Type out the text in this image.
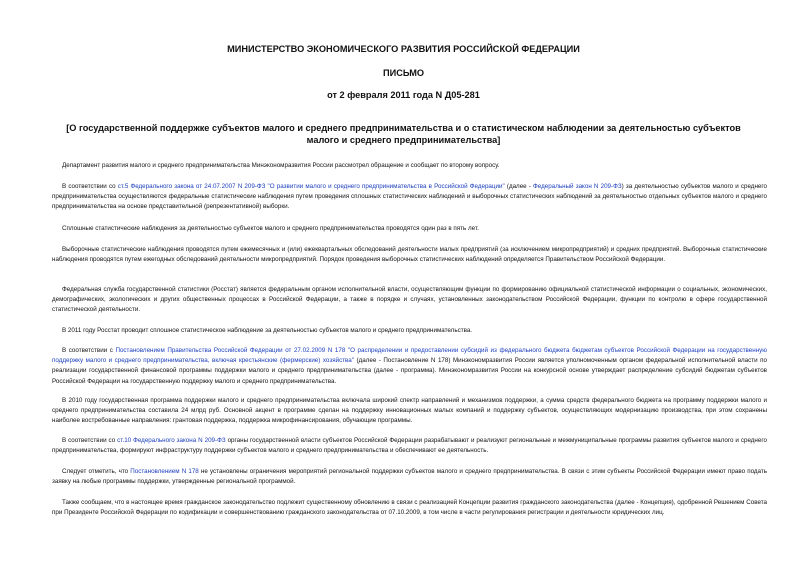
МИНИСТЕРСТВО ЭКОНОМИЧЕСКОГО РАЗВИТИЯ РОССИЙСКОЙ ФЕДЕРАЦИИ
ПИСЬМО
от 2 февраля 2011 года N Д05-281
[О государственной поддержке субъектов малого и среднего предпринимательства и о статистическом наблюдении за деятельностью субъектов малого и среднего предпринимательства]

Департамент развития малого и среднего предпринимательства Минэкономразвития России рассмотрел обращение и сообщает по второму вопросу.

В соответствии со ст.5 Федерального закона от 24.07.2007 N 209-ФЗ "О развитии малого и среднего предпринимательства в Российской Федерации" (далее - Федеральный закон N 209-ФЗ) за деятельностью субъектов малого и среднего предпринимательства осуществляются федеральные статистические наблюдения путем проведения сплошных статистических наблюдений и выборочных статистических наблюдений за деятельностью отдельных субъектов малого и среднего предпринимательства на основе представительной (репрезентативной) выборки.

Сплошные статистические наблюдения за деятельностью субъектов малого и среднего предпринимательства проводятся один раз в пять лет.

Выборочные статистические наблюдения проводятся путем ежемесячных и (или) ежеквартальных обследований деятельности малых предприятий (за исключением микропредприятий) и средних предприятий. Выборочные статистические наблюдения проводятся путем ежегодных обследований деятельности микропредприятий. Порядок проведения выборочных статистических наблюдений определяется Правительством Российской Федерации.

Федеральная служба государственной статистики (Росстат) является федеральным органом исполнительной власти, осуществляющим функции по формированию официальной статистической информации о социальных, экономических, демографических, экологических и других общественных процессах в Российской Федерации, а также в порядке и случаях, установленных законодательством Российской Федерации, функции по контролю в сфере государственной статистической деятельности.

В 2011 году Росстат проводит сплошное статистическое наблюдение за деятельностью субъектов малого и среднего предпринимательства.

В соответствии с Постановлением Правительства Российской Федерации от 27.02.2009 N 178 "О распределении и предоставлении субсидий из федерального бюджета бюджетам субъектов Российской Федерации на государственную поддержку малого и среднего предпринимательства, включая крестьянские (фермерские) хозяйства" (далее - Постановление N 178) Минэкономразвития России является уполномоченным органом федеральной исполнительной власти по реализации государственной финансовой программы поддержки малого и среднего предпринимательства (далее - программа). Минэкономразвития России на конкурсной основе утверждает распределение субсидий бюджетам субъектов Российской Федерации на государственную поддержку малого и среднего предпринимательства.

В 2010 году государственная программа поддержки малого и среднего предпринимательства включала широкий спектр направлений и механизмов поддержки, а сумма средств федерального бюджета на программу поддержки малого и среднего предпринимательства составила 24 млрд руб. Основной акцент в программе сделан на поддержку инновационных малых компаний и поддержку субъектов, осуществляющих модернизацию производства, при этом сохранены наиболее востребованные направления: грантовая поддержка, поддержка микрофинансирования, обучающие программы.

В соответствии со ст.10 Федерального закона N 209-ФЗ органы государственной власти субъектов Российской Федерации разрабатывают и реализуют региональные и межмуниципальные программы развития субъектов малого и среднего предпринимательства, формируют инфраструктуру поддержки субъектов малого и среднего предпринимательства и обеспечивают ее деятельность.

Следует отметить, что Постановлением N 178 не установлены ограничения мероприятий региональной поддержки субъектов малого и среднего предпринимательства. В связи с этим субъекты Российской Федерации имеют право подать заявку на любые программы поддержки, утвержденные региональной программой.

Также сообщаем, что в настоящее время гражданское законодательство подлежит существенному обновлению в связи с реализацией Концепции развития гражданского законодательства (далее - Концепция), одобренной Решением Совета при Президенте Российской Федерации по кодификации и совершенствованию гражданского законодательства от 07.10.2009, в том числе в части регулирования регистрации и деятельности юридических лиц.
